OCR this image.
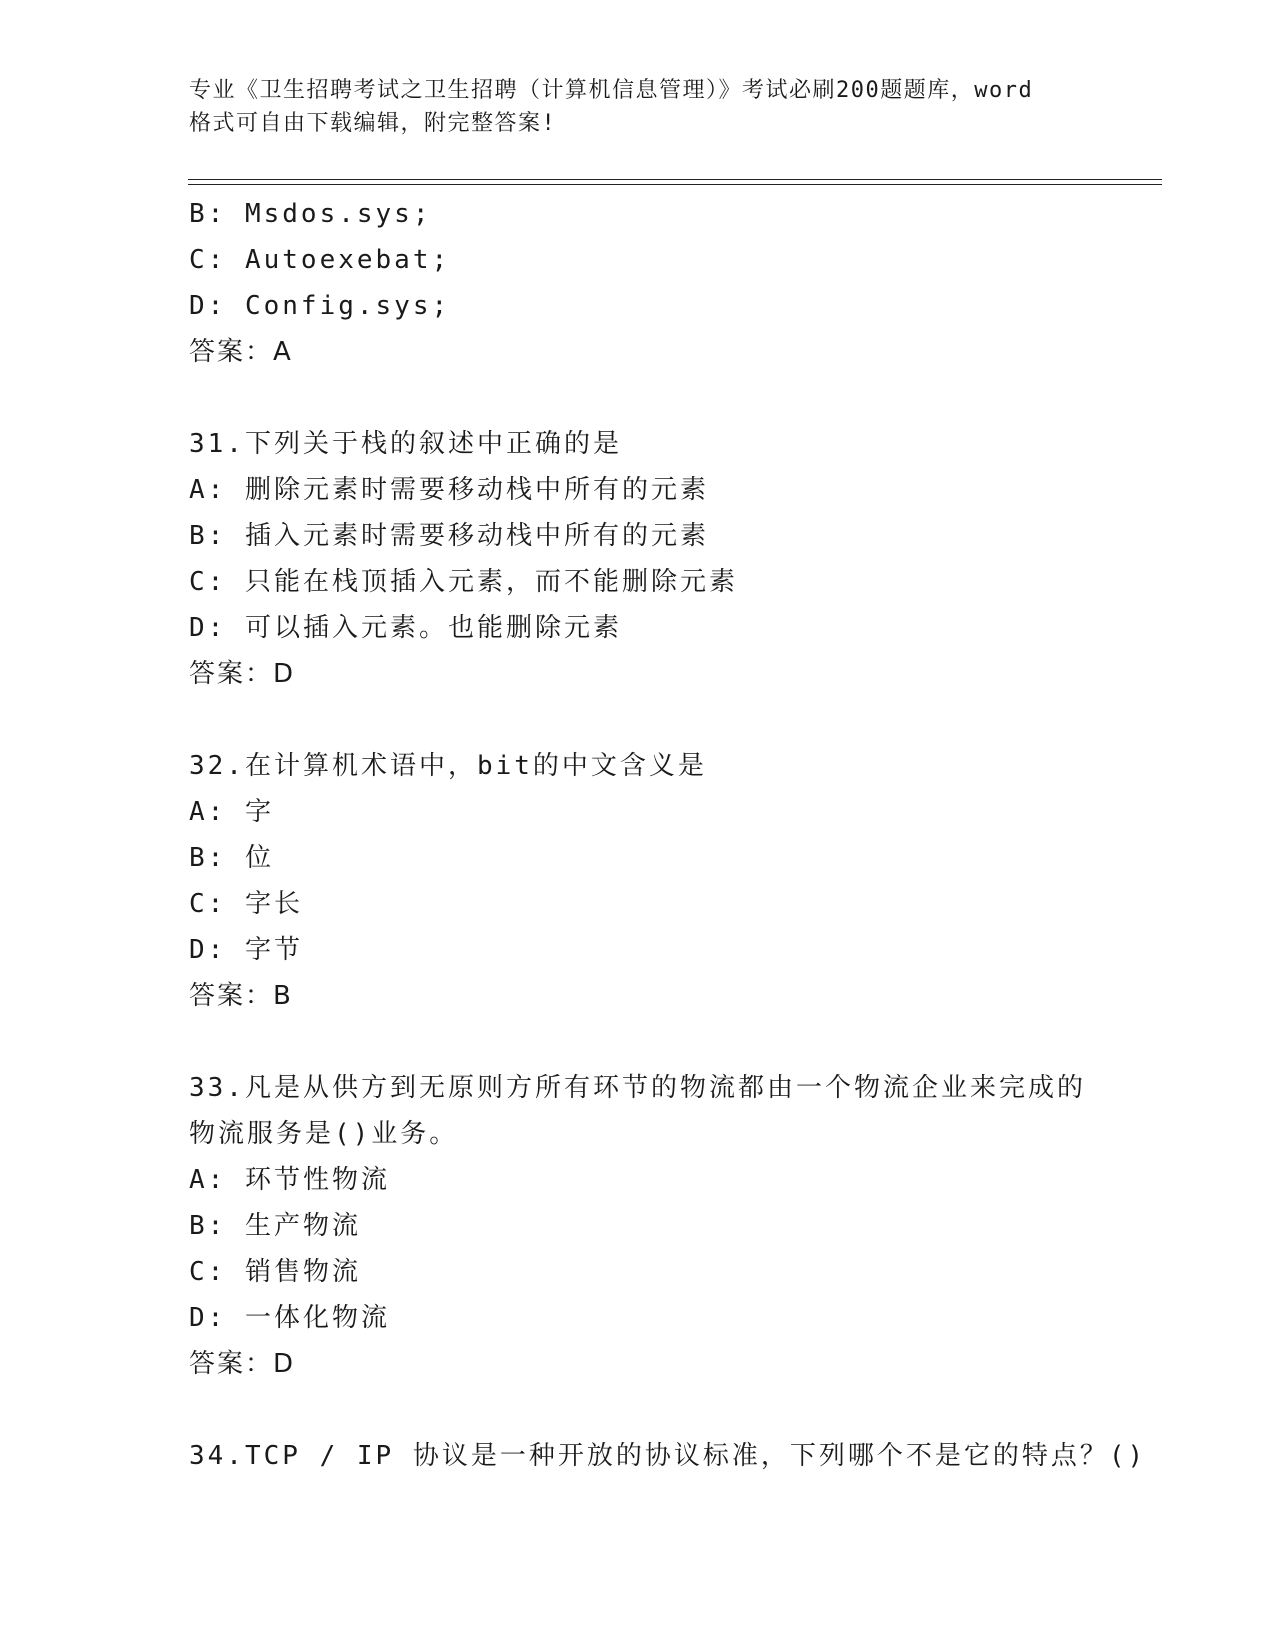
专业《卫生招聘考试之卫生招聘（计算机信息管理）》考试必刷200题题库，word
格式可自由下载编辑，附完整答案!
B: Msdos.sys;
C: Autoexebat;
D: Config.sys;
答案：A
31.下列关于栈的叙述中正确的是
A: 删除元素时需要移动栈中所有的元素
B: 插入元素时需要移动栈中所有的元素
C: 只能在栈顶插入元素，而不能删除元素
D: 可以插入元素。也能删除元素
答案：D
32.在计算机术语中，bit的中文含义是
A: 字
B: 位
C: 字长
D: 字节
答案：B
33.凡是从供方到无原则方所有环节的物流都由一个物流企业来完成的
物流服务是()业务。
A: 环节性物流
B: 生产物流
C: 销售物流
D: 一体化物流
答案：D
34.TCP / IP 协议是一种开放的协议标准，下列哪个不是它的特点？()
